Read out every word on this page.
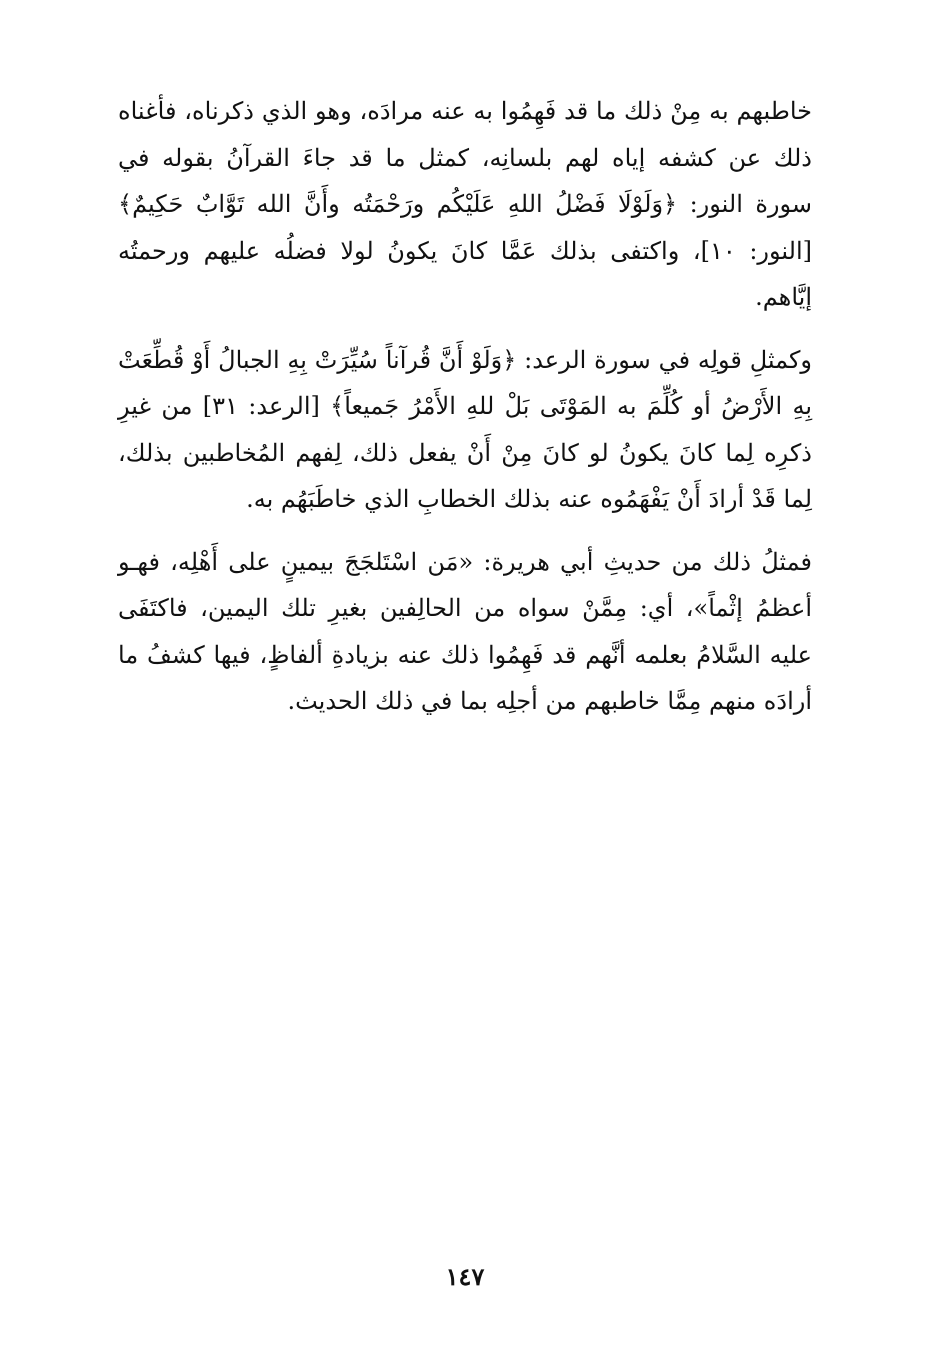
خاطبهم به مِنْ ذلك ما قد فَهِمُوا به عنه مرادَه، وهو الذي ذكرناه، فأغناه ذلك عن كشفه إياه لهم بلسانِه، كمثل ما قد جاءَ القرآنُ بقوله في سورة النور: ﴿وَلَوْلَا فَضْلُ اللهِ عَلَيْكُم ورَحْمَتُه وأَنَّ الله تَوَّابٌ حَكِيمٌ﴾ [النور: ١٠]، واكتفى بذلك عَمَّا كانَ يكونُ لولا فضلُه عليهم ورحمتُه إيَّاهم.

وكمثلِ قولِه في سورة الرعد: ﴿وَلَوْ أَنَّ قُرآناً سُيِّرَتْ بِهِ الجبالُ أَوْ قُطِّعَتْ بِهِ الأَرْضُ أو كُلِّمَ به المَوْتَى بَلْ للهِ الأَمْرُ جَميعاً﴾ [الرعد: ٣١] من غيرِ ذكرِه لِما كانَ يكونُ لو كانَ مِنْ أَنْ يفعل ذلك، لِفهم المُخاطبين بذلك، لِما قَدْ أرادَ أَنْ يَفْهَمُوه عنه بذلك الخطابِ الذي خاطَبَهُم به.

فمثلُ ذلك من حديثِ أبي هريرة: «مَن اسْتَلجَجَ بيمينٍ على أَهْلِه، فهـو أعظمُ إثْماً»، أي: مِمَّنْ سواه من الحالِفين بغيرِ تلك اليمين، فاكتَفَى عليه السَّلامُ بعلمه أنَّهم قد فَهِمُوا ذلك عنه بزيادةِ ألفاظٍ، فيها كشفُ ما أرادَه منهم مِمَّا خاطبهم من أجلِه بما في ذلك الحديث.

١٤٧
